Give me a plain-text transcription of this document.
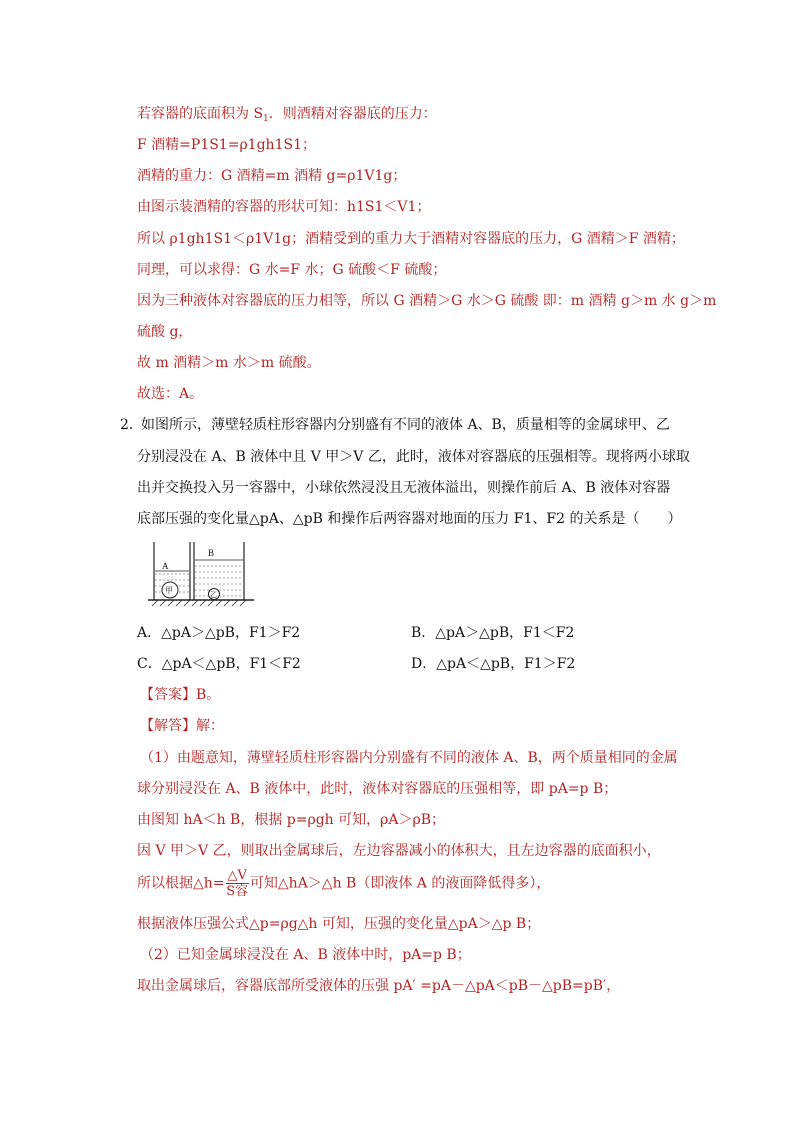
若容器的底面积为 $S_1$．则酒精对容器底的压力：
F 酒精=P1S1=ρ1gh1S1；
酒精的重力：G 酒精=m 酒精 g=ρ1V1g；
由图示装酒精的容器的形状可知：h1S1＜V1；
所以 ρ1gh1S1＜ρ1V1g；酒精受到的重力大于酒精对容器底的压力，G 酒精＞F 酒精；
同理，可以求得：G 水=F 水；G 硫酸＜F 硫酸；
因为三种液体对容器底的压力相等，所以 G 酒精＞G 水＞G 硫酸 即：m 酒精 g＞m 水 g＞m
硫酸 g，
故 m 酒精＞m 水＞m 硫酸。
故选：A。
2．
如图所示，薄壁轻质柱形容器内分别盛有不同的液体 A、B，质量相等的金属球甲、乙
分别浸没在 A、B 液体中且 V 甲＞V 乙，此时，液体对容器底的压强相等。现将两小球取
出并交换投入另一容器中，小球依然浸没且无液体溢出，则操作前后 A、B 液体对容器
底部压强的变化量△pA、△pB 和操作后两容器对地面的压力 F1、F2 的关系是（　　）
A
甲
B
乙
A．△pA＞△pB，F1＞F2	B．△pA＞△pB，F1＜F2
C．△pA＜△pB，F1＜F2	D．△pA＜△pB，F1＞F2
【答案】B。
【解答】解：
（1）由题意知，薄壁轻质柱形容器内分别盛有不同的液体 A、B，两个质量相同的金属
球分别浸没在 A、B 液体中，此时，液体对容器底的压强相等，即 pA=p B；
由图知 hA＜h B，根据 p=ρgh 可知，ρA＞ρB；
因 V 甲＞V 乙，则取出金属球后，左边容器减小的体积大，且左边容器的底面积小，
所以根据△h= $\frac{\triangle V}{\text{S容}}$ 可知△hA＞△h B（即液体 A 的液面降低得多），
根据液体压强公式△p=ρg△h 可知，压强的变化量△pA＞△p B；
（2）已知金属球浸没在 A、B 液体中时，pA=p B；
取出金属球后，容器底部所受液体的压强 pA′ =pA－△pA＜pB－△pB=pB′，
